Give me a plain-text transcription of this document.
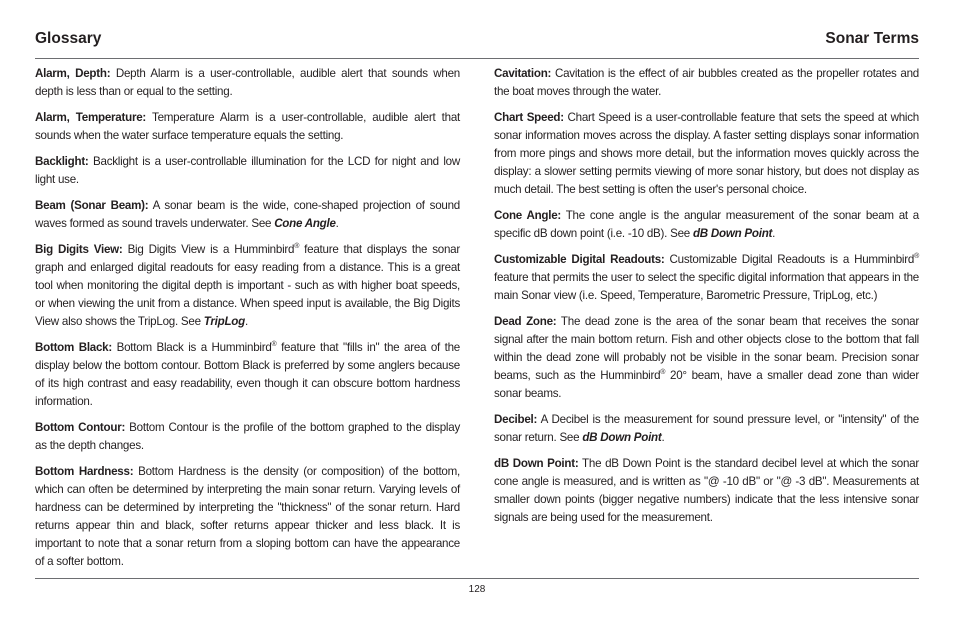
Glossary	Sonar Terms

Alarm, Depth: Depth Alarm is a user-controllable, audible alert that sounds when depth is less than or equal to the setting.

Alarm, Temperature: Temperature Alarm is a user-controllable, audible alert that sounds when the water surface temperature equals the setting.

Backlight: Backlight is a user-controllable illumination for the LCD for night and low light use.

Beam (Sonar Beam): A sonar beam is the wide, cone-shaped projection of sound waves formed as sound travels underwater. See Cone Angle.

Big Digits View: Big Digits View is a Humminbird® feature that displays the sonar graph and enlarged digital readouts for easy reading from a distance. This is a great tool when monitoring the digital depth is important - such as with higher boat speeds, or when viewing the unit from a distance. When speed input is available, the Big Digits View also shows the TripLog. See TripLog.

Bottom Black: Bottom Black is a Humminbird® feature that "fills in" the area of the display below the bottom contour. Bottom Black is preferred by some anglers because of its high contrast and easy readability, even though it can obscure bottom hardness information.

Bottom Contour: Bottom Contour is the profile of the bottom graphed to the display as the depth changes.

Bottom Hardness: Bottom Hardness is the density (or composition) of the bottom, which can often be determined by interpreting the main sonar return. Varying levels of hardness can be determined by interpreting the "thickness" of the sonar return. Hard returns appear thin and black, softer returns appear thicker and less black. It is important to note that a sonar return from a sloping bottom can have the appearance of a softer bottom.

Cavitation: Cavitation is the effect of air bubbles created as the propeller rotates and the boat moves through the water.

Chart Speed: Chart Speed is a user-controllable feature that sets the speed at which sonar information moves across the display. A faster setting displays sonar information from more pings and shows more detail, but the information moves quickly across the display: a slower setting permits viewing of more sonar history, but does not display as much detail. The best setting is often the user's personal choice.

Cone Angle: The cone angle is the angular measurement of the sonar beam at a specific dB down point (i.e. -10 dB). See dB Down Point.

Customizable Digital Readouts: Customizable Digital Readouts is a Humminbird® feature that permits the user to select the specific digital information that appears in the main Sonar view (i.e. Speed, Temperature, Barometric Pressure, TripLog, etc.)

Dead Zone: The dead zone is the area of the sonar beam that receives the sonar signal after the main bottom return. Fish and other objects close to the bottom that fall within the dead zone will probably not be visible in the sonar beam. Precision sonar beams, such as the Humminbird® 20° beam, have a smaller dead zone than wider sonar beams.

Decibel: A Decibel is the measurement for sound pressure level, or "intensity" of the sonar return. See dB Down Point.

dB Down Point: The dB Down Point is the standard decibel level at which the sonar cone angle is measured, and is written as "@ -10 dB" or "@ -3 dB". Measurements at smaller down points (bigger negative numbers) indicate that the less intensive sonar signals are being used for the measurement.

128
